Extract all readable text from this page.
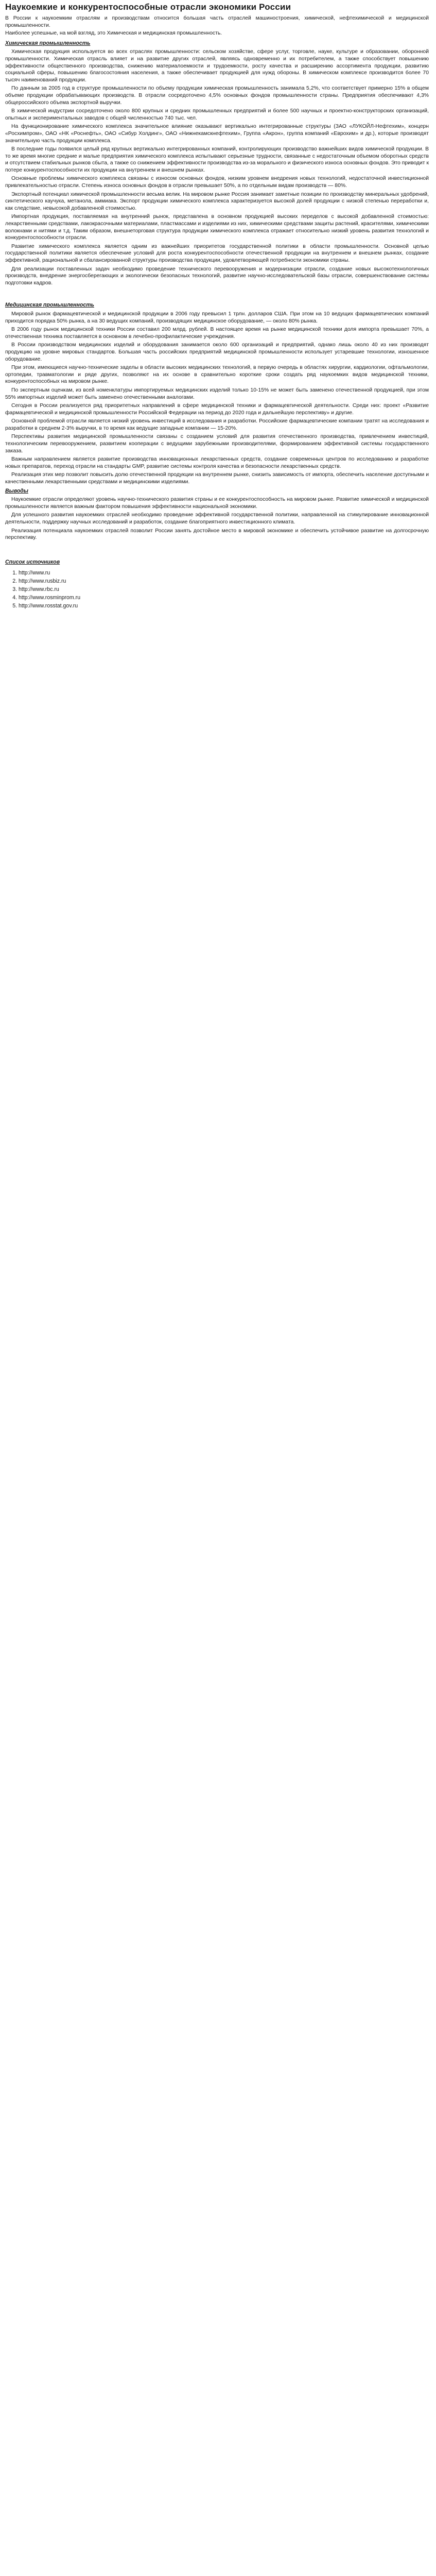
Наукоемкие и конкурентоспособные отрасли экономики России

В России к наукоемким отраслям и производствам относится большая часть отраслей машиностроения, химической, нефтехимической и медицинской промышленности.

Наиболее успешные, на мой взгляд, это Химическая и медицинская промышленность.

Химическая промышленность

Химическая продукция используется во всех отраслях промышленности: сельском хозяйстве, сфере услуг, торговле, науке, культуре и образовании, оборонной промышленности. Химическая отрасль влияет и на развитие других отраслей, являясь одновременно и их потребителем, а также способствует повышению эффективности общественного производства, снижению материалоемкости и трудоемкости, росту качества и расширению ассортимента продукции, развитию социальной сферы, повышению благосостояния населения, а также обеспечивает продукцией для нужд обороны. В химическом комплексе производится более 70 тысяч наименований продукции.

По данным за 2005 год в структуре промышленности по объему продукции химическая промышленность занимала 5,2%, что соответствует примерно 15% в общем объеме продукции обрабатывающих производств. В отрасли сосредоточено 4,5% основных фондов промышленности страны. Предприятия обеспечивают 4,3% общероссийского объема экспортной выручки.

В химической индустрии сосредоточено около 800 крупных и средних промышленных предприятий и более 500 научных и проектно-конструкторских организаций, опытных и экспериментальных заводов с общей численностью 740 тыс. чел.

На функционирование химического комплекса значительное влияние оказывают вертикально интегрированные структуры (ЗАО «ЛУКОЙЛ-Нефтехим», концерн «Росхимпром», ОАО «НК «Роснефть», ОАО «Сибур Холдинг», ОАО «Нижнекамскнефтехим», Группа «Акрон», группа компаний «Еврохим» и др.), которые производят значительную часть продукции комплекса.

В последние годы появился целый ряд крупных вертикально интегрированных компаний, контролирующих производство важнейших видов химической продукции. В то же время многие средние и малые предприятия химического комплекса испытывают серьезные трудности, связанные с недостаточным объемом оборотных средств и отсутствием стабильных рынков сбыта, а также со снижением эффективности производства из-за морального и физического износа основных фондов. Это приводит к потере конкурентоспособности их продукции на внутреннем и внешнем рынках.

Основные проблемы химического комплекса связаны с износом основных фондов, низким уровнем внедрения новых технологий, недостаточной инвестиционной привлекательностью отрасли. Степень износа основных фондов в отрасли превышает 50%, а по отдельным видам производств — 80%.

Экспортный потенциал химической промышленности весьма велик. На мировом рынке Россия занимает заметные позиции по производству минеральных удобрений, синтетического каучука, метанола, аммиака. Экспорт продукции химического комплекса характеризуется высокой долей продукции с низкой степенью переработки и, как следствие, невысокой добавленной стоимостью.

Импортная продукция, поставляемая на внутренний рынок, представлена в основном продукцией высоких переделов с высокой добавленной стоимостью: лекарственными средствами, лакокрасочными материалами, пластмассами и изделиями из них, химическими средствами защиты растений, красителями, химическими волокнами и нитями и т.д. Таким образом, внешнеторговая структура продукции химического комплекса отражает относительно низкий уровень развития технологий и конкурентоспособности отрасли.

Развитие химического комплекса является одним из важнейших приоритетов государственной политики в области промышленности. Основной целью государственной политики является обеспечение условий для роста конкурентоспособности отечественной продукции на внутреннем и внешнем рынках, создание эффективной, рациональной и сбалансированной структуры производства продукции, удовлетворяющей потребности экономики страны.

Для реализации поставленных задач необходимо проведение технического перевооружения и модернизации отрасли, создание новых высокотехнологичных производств, внедрение энергосберегающих и экологически безопасных технологий, развитие научно-исследовательской базы отрасли, совершенствование системы подготовки кадров.

Медицинская промышленность

Мировой рынок фармацевтической и медицинской продукции в 2006 году превысил 1 трлн. долларов США. При этом на 10 ведущих фармацевтических компаний приходится порядка 50% рынка, а на 30 ведущих компаний, производящих медицинское оборудование, — около 80% рынка.

В 2006 году рынок медицинской техники России составил 200 млрд. рублей. В настоящее время на рынке медицинской техники доля импорта превышает 70%, а отечественная техника поставляется в основном в лечебно-профилактические учреждения.

В России производством медицинских изделий и оборудования занимается около 600 организаций и предприятий, однако лишь около 40 из них производят продукцию на уровне мировых стандартов. Большая часть российских предприятий медицинской промышленности использует устаревшие технологии, изношенное оборудование.

При этом, имеющиеся научно-технические заделы в области высоких медицинских технологий, в первую очередь в областях хирургии, кардиологии, офтальмологии, ортопедии, травматологии и ряде других, позволяют на их основе в сравнительно короткие сроки создать ряд наукоемких видов медицинской техники, конкурентоспособных на мировом рынке.

По экспертным оценкам, из всей номенклатуры импортируемых медицинских изделий только 10-15% не может быть заменено отечественной продукцией, при этом 55% импортных изделий может быть заменено отечественными аналогами.

Сегодня в России реализуется ряд приоритетных направлений в сфере медицинской техники и фармацевтической деятельности. Среди них: проект «Развитие фармацевтической и медицинской промышленности Российской Федерации на период до 2020 года и дальнейшую перспективу» и другие.

Основной проблемой отрасли является низкий уровень инвестиций в исследования и разработки. Российские фармацевтические компании тратят на исследования и разработки в среднем 2-3% выручки, в то время как ведущие западные компании — 15-20%.

Перспективы развития медицинской промышленности связаны с созданием условий для развития отечественного производства, привлечением инвестиций, технологическим перевооружением, развитием кооперации с ведущими зарубежными производителями, формированием эффективной системы государственного заказа.

Важным направлением является развитие производства инновационных лекарственных средств, создание современных центров по исследованию и разработке новых препаратов, переход отрасли на стандарты GMP, развитие системы контроля качества и безопасности лекарственных средств.

Реализация этих мер позволит повысить долю отечественной продукции на внутреннем рынке, снизить зависимость от импорта, обеспечить население доступными и качественными лекарственными средствами и медицинскими изделиями.

Выводы

Наукоемкие отрасли определяют уровень научно-технического развития страны и ее конкурентоспособность на мировом рынке. Развитие химической и медицинской промышленности является важным фактором повышения эффективности национальной экономики.

Для успешного развития наукоемких отраслей необходимо проведение эффективной государственной политики, направленной на стимулирование инновационной деятельности, поддержку научных исследований и разработок, создание благоприятного инвестиционного климата.

Реализация потенциала наукоемких отраслей позволит России занять достойное место в мировой экономике и обеспечить устойчивое развитие на долгосрочную перспективу.

Список источников
1. http://www.ru
2. http://www.rusbiz.ru
3. http://www.rbc.ru
4. http://www.rosminprom.ru
5. http://www.rosstat.gov.ru
